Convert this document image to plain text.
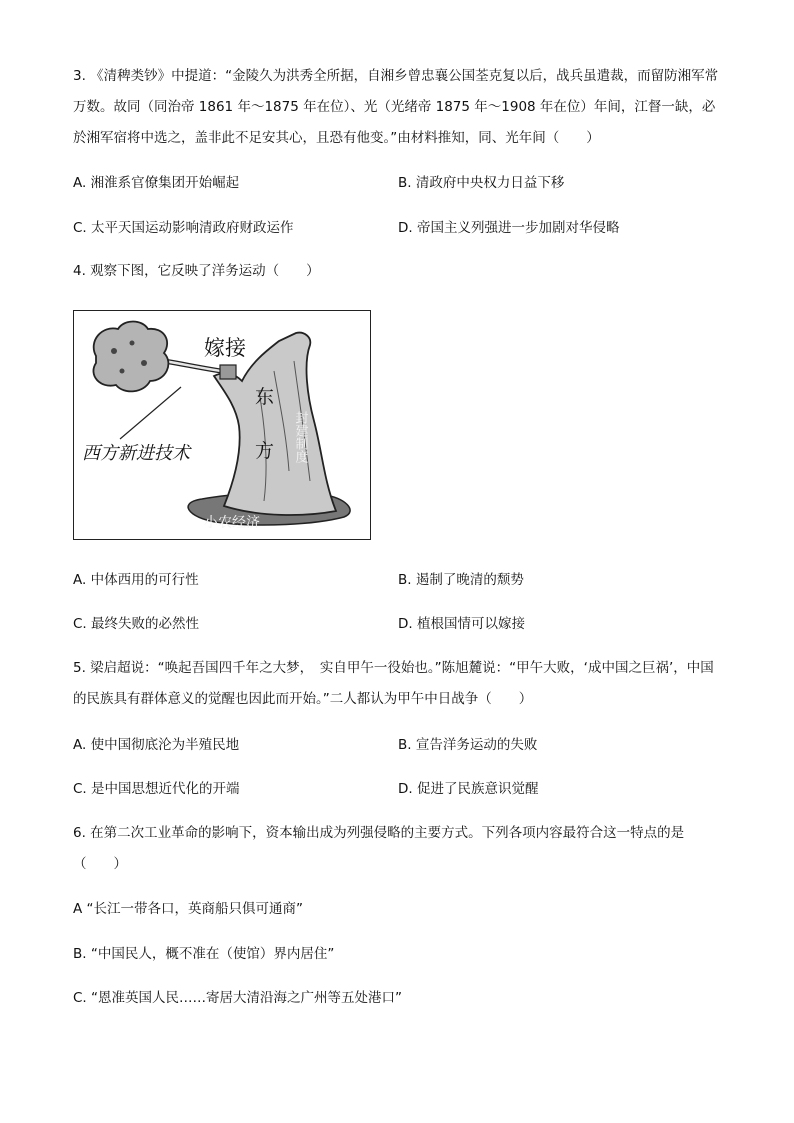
3. 《清稗类钞》中提道：“金陵久为洪秀全所据，自湘乡曾忠襄公国荃克复以后，战兵虽遣裁，而留防湘军常万数。故同（同治帝 1861 年～1875 年在位）、光（光绪帝 1875 年～1908 年在位）年间，江督一缺，必於湘军宿将中选之，盖非此不足安其心，且恐有他变。”由材料推知，同、光年间（　　）

A. 湘淮系官僚集团开始崛起	B. 清政府中央权力日益下移
C. 太平天国运动影响清政府财政运作	D. 帝国主义列强进一步加剧对华侵略

4. 观察下图，它反映了洋务运动（　　）

嫁接
东
方
西方新进技术	封建制度
小农经济
A. 中体西用的可行性	B. 遏制了晚清的颓势
C. 最终失败的必然性	D. 植根国情可以嫁接

5. 梁启超说：“唤起吾国四千年之大梦，　实自甲午一役始也。”陈旭麓说：“甲午大败，‘成中国之巨祸’，中国的民族具有群体意义的觉醒也因此而开始。”二人都认为甲午中日战争（　　）

A. 使中国彻底沦为半殖民地	B. 宣告洋务运动的失败
C. 是中国思想近代化的开端	D. 促进了民族意识觉醒

6. 在第二次工业革命的影响下，资本输出成为列强侵略的主要方式。下列各项内容最符合这一特点的是（　　）

A “长江一带各口，英商船只俱可通商”
B. “中国民人，概不准在（使馆）界内居住”
C. “恩准英国人民……寄居大清沿海之广州等五处港口”
